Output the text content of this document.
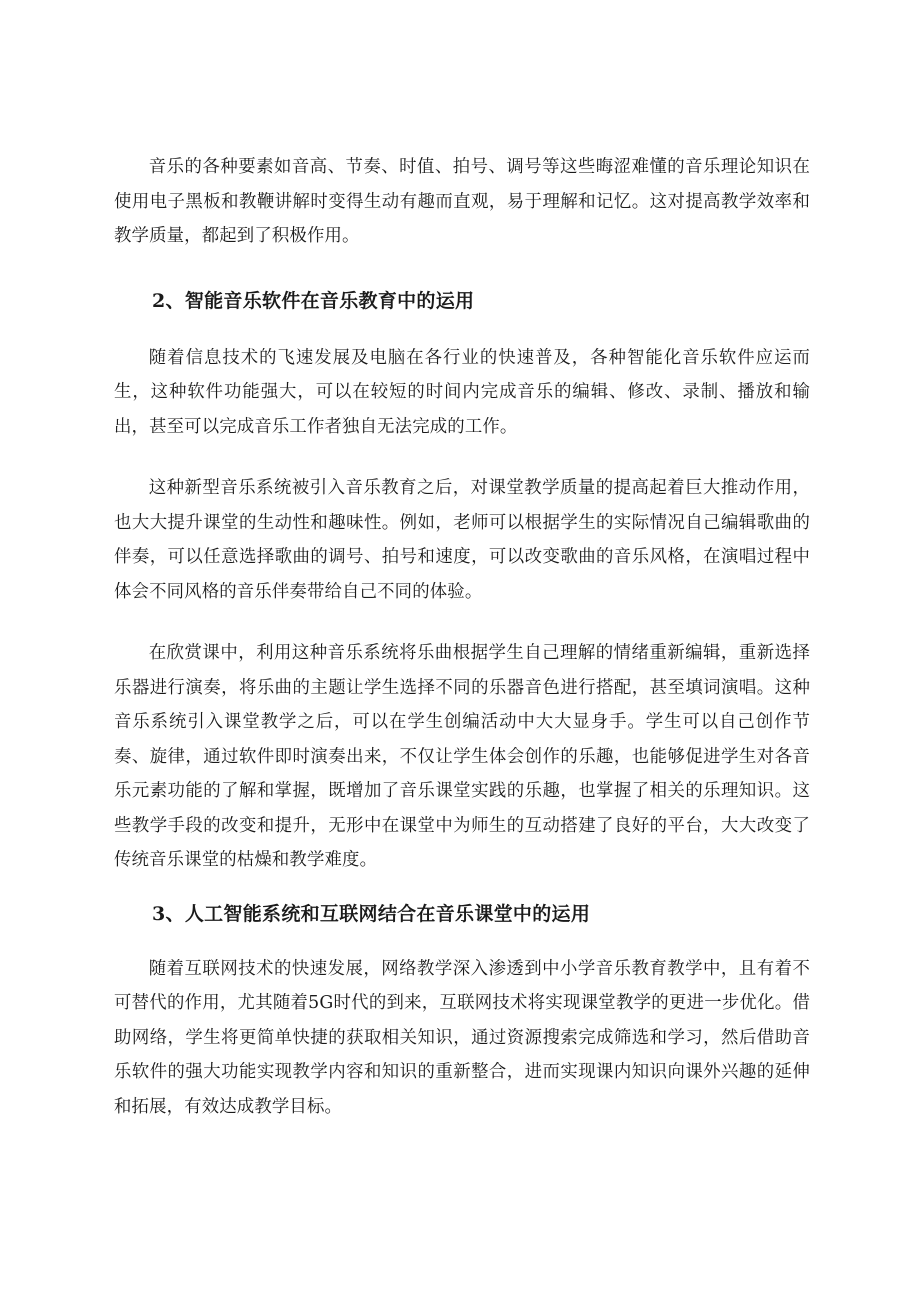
音乐的各种要素如音高、节奏、时值、拍号、调号等这些晦涩难懂的音乐理论知识在使用电子黑板和教鞭讲解时变得生动有趣而直观，易于理解和记忆。这对提高教学效率和教学质量，都起到了积极作用。

2、智能音乐软件在音乐教育中的运用

随着信息技术的飞速发展及电脑在各行业的快速普及，各种智能化音乐软件应运而生，这种软件功能强大，可以在较短的时间内完成音乐的编辑、修改、录制、播放和输出，甚至可以完成音乐工作者独自无法完成的工作。

这种新型音乐系统被引入音乐教育之后，对课堂教学质量的提高起着巨大推动作用，也大大提升课堂的生动性和趣味性。例如，老师可以根据学生的实际情况自己编辑歌曲的伴奏，可以任意选择歌曲的调号、拍号和速度，可以改变歌曲的音乐风格，在演唱过程中体会不同风格的音乐伴奏带给自己不同的体验。

在欣赏课中，利用这种音乐系统将乐曲根据学生自己理解的情绪重新编辑，重新选择乐器进行演奏，将乐曲的主题让学生选择不同的乐器音色进行搭配，甚至填词演唱。这种音乐系统引入课堂教学之后，可以在学生创编活动中大大显身手。学生可以自己创作节奏、旋律，通过软件即时演奏出来，不仅让学生体会创作的乐趣，也能够促进学生对各音乐元素功能的了解和掌握，既增加了音乐课堂实践的乐趣，也掌握了相关的乐理知识。这些教学手段的改变和提升，无形中在课堂中为师生的互动搭建了良好的平台，大大改变了传统音乐课堂的枯燥和教学难度。

3、人工智能系统和互联网结合在音乐课堂中的运用

随着互联网技术的快速发展，网络教学深入渗透到中小学音乐教育教学中，且有着不可替代的作用，尤其随着5G时代的到来，互联网技术将实现课堂教学的更进一步优化。借助网络，学生将更简单快捷的获取相关知识，通过资源搜索完成筛选和学习，然后借助音乐软件的强大功能实现教学内容和知识的重新整合，进而实现课内知识向课外兴趣的延伸和拓展，有效达成教学目标。
